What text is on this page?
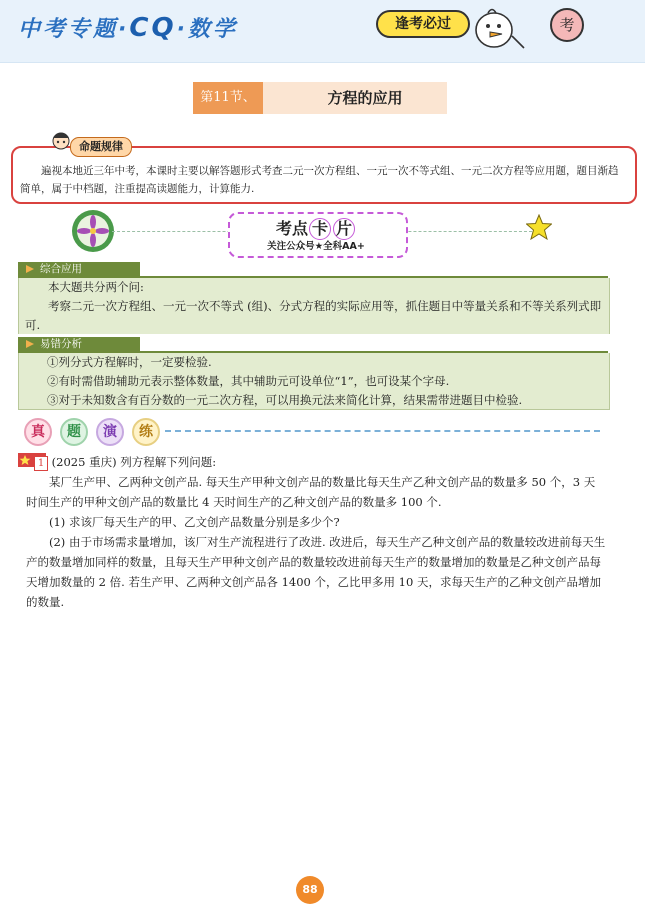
中考专题·CQ·数学	逢考必过	考
第11节、	方程的应用
命题规律
遍视本地近三年中考，本课时主要以解答题形式考查二元一次方程组、一元一次不等式组、一元二次方程等应用题，题目渐趋简单，属于中档题，注重提高读题能力，计算能力.
考点 卡 片
关注公众号★全科AA+
综合应用
本大题共分两个问:
考察二元一次方程组、一元一次不等式 (组)、分式方程的实际应用等，抓住题目中等量关系和不等关系列式即可.
易错分析
①列分式方程解时，一定要检验.
②有时需借助辅助元表示整体数量，其中辅助元可设单位“1”，也可设某个字母.
③对于未知数含有百分数的一元二次方程，可以用换元法来简化计算，结果需带进题目中检验.
真	题	演	练
1 (2025 重庆) 列方程解下列问题:
某厂生产甲、乙两种文创产品. 每天生产甲种文创产品的数量比每天生产乙种文创产品的数量多 50 个，3 天时间生产的甲种文创产品的数量比 4 天时间生产的乙种文创产品的数量多 100 个.
(1) 求该厂每天生产的甲、乙文创产品数量分别是多少个?
(2) 由于市场需求量增加，该厂对生产流程进行了改进. 改进后，每天生产乙种文创产品的数量较改进前每天生产的数量增加同样的数量，且每天生产甲种文创产品的数量较改进前每天生产的数量增加的数量是乙种文创产品每天增加数量的 2 倍. 若生产甲、乙两种文创产品各 1400 个，乙比甲多用 10 天，求每天生产的乙种文创产品增加的数量.
88
